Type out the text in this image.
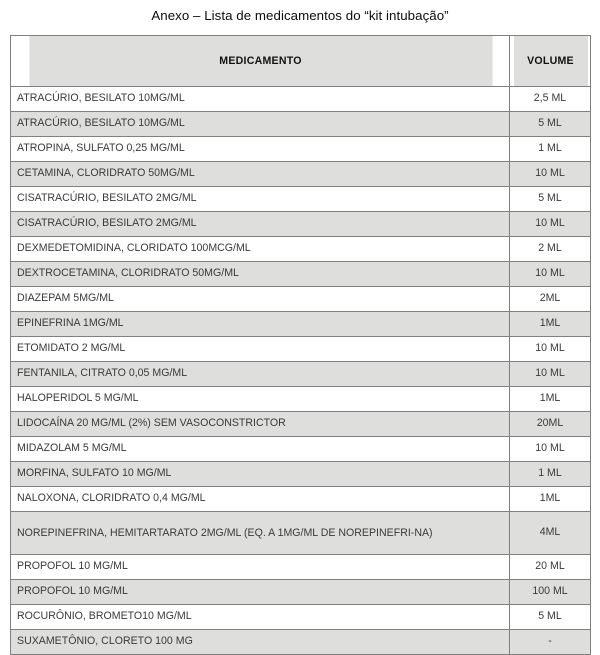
Anexo – Lista de medicamentos do “kit intubação”
MEDICAMENTO	VOLUME
ATRACÚRIO, BESILATO 10MG/ML	2,5 ML
ATRACÚRIO, BESILATO 10MG/ML	5 ML
ATROPINA, SULFATO 0,25 MG/ML	1 ML
CETAMINA, CLORIDRATO 50MG/ML	10 ML
CISATRACÚRIO, BESILATO 2MG/ML	5 ML
CISATRACÚRIO, BESILATO 2MG/ML	10 ML
DEXMEDETOMIDINA, CLORIDATO 100MCG/ML	2 ML
DEXTROCETAMINA, CLORIDRATO 50MG/ML	10 ML
DIAZEPAM 5MG/ML	2ML
EPINEFRINA 1MG/ML	1ML
ETOMIDATO 2 MG/ML	10 ML
FENTANILA, CITRATO 0,05 MG/ML	10 ML
HALOPERIDOL 5 MG/ML	1ML
LIDOCAÍNA 20 MG/ML (2%) SEM VASOCONSTRICTOR	20ML
MIDAZOLAM 5 MG/ML	10 ML
MORFINA, SULFATO 10 MG/ML	1 ML
NALOXONA, CLORIDRATO 0,4 MG/ML	1ML
NOREPINEFRINA, HEMITARTARATO 2MG/ML (EQ. A 1MG/ML DE NOREPINEFRI-NA)	4ML
PROPOFOL 10 MG/ML	20 ML
PROPOFOL 10 MG/ML	100 ML
ROCURÔNIO, BROMETO10 MG/ML	5 ML
SUXAMETÔNIO, CLORETO 100 MG	-
